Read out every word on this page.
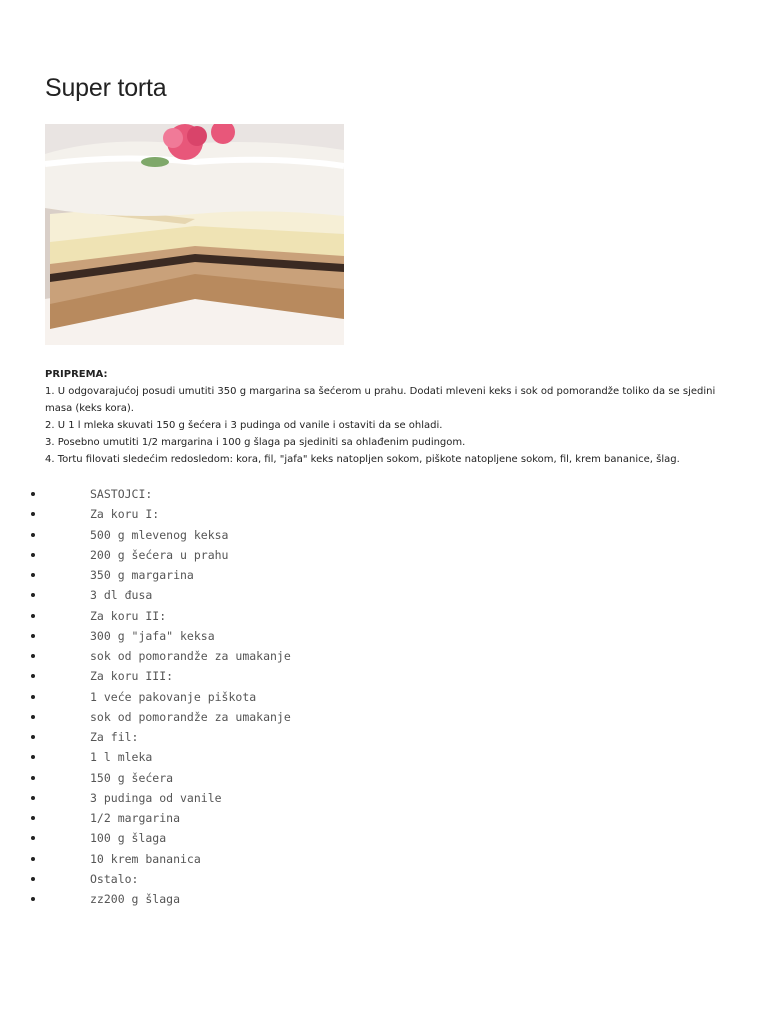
Super torta
PRIPREMA:
1. U odgovarajućoj posudi umutiti 350 g margarina sa šećerom u prahu. Dodati mleveni keks i sok od pomorandže toliko da se sjedini masa (keks kora).
2. U 1 l mleka skuvati 150 g šećera i 3 pudinga od vanile i ostaviti da se ohladi.
3. Posebno umutiti 1/2 margarina i 100 g šlaga pa sjediniti sa ohlađenim pudingom.
4. Tortu filovati sledećim redosledom: kora, fil, "jafa" keks natopljen sokom, piškote natopljene sokom, fil, krem bananice, šlag.
SASTOJCI:
Za koru I:
500 g mlevenog keksa
200 g šećera u prahu
350 g margarina
3 dl đusa
Za koru II:
300 g "jafa" keksa
sok od pomorandže za umakanje
Za koru III:
1 veće pakovanje piškota
sok od pomorandže za umakanje
Za fil:
1 l mleka
150 g šećera
3 pudinga od vanile
1/2 margarina
100 g šlaga
10 krem bananica
Ostalo:
zz200 g šlaga
